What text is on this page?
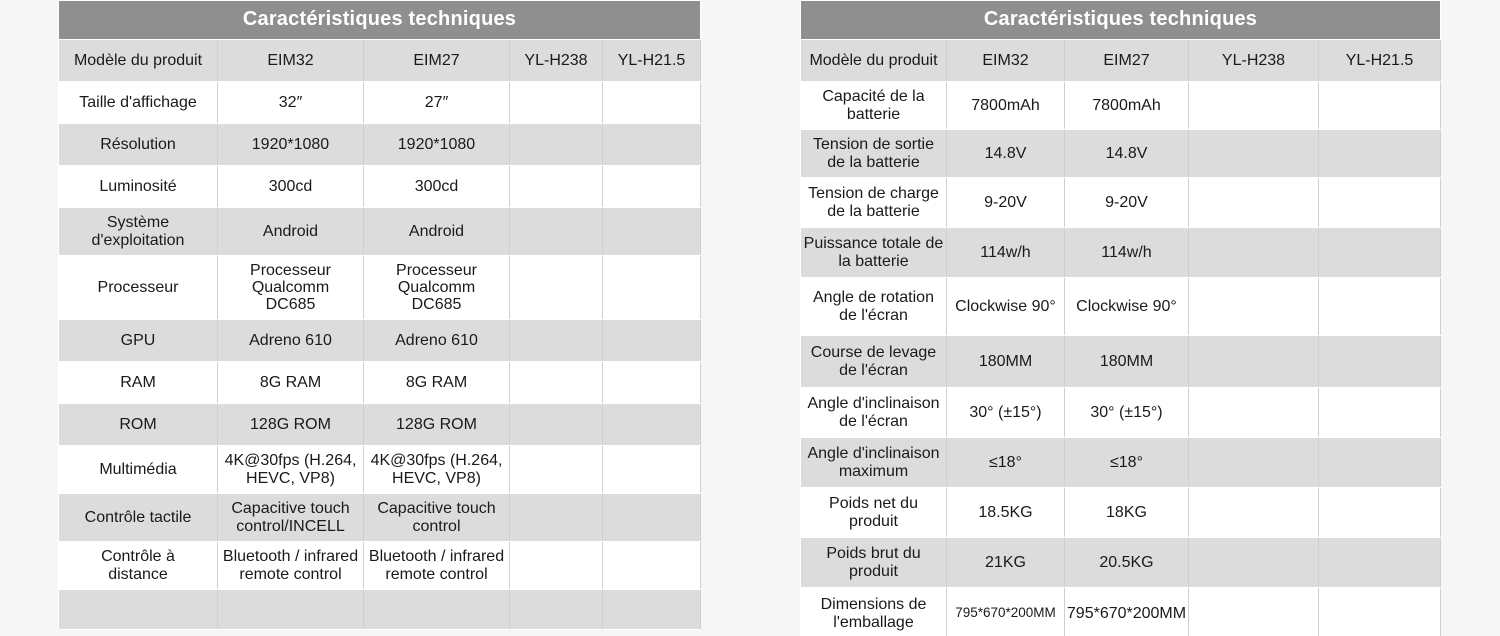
Caractéristiques techniques				
Modèle du produit	EIM32	EIM27	YL-H238	YL-H21.5
Taille d'affichage	32″	27″		
Résolution	1920*1080	1920*1080		
Luminosité	300cd	300cd		
Système d'exploitation	Android	Android		
Processeur	Processeur Qualcomm DC685	Processeur Qualcomm DC685		
GPU	Adreno 610	Adreno 610		
RAM	8G RAM	8G RAM		
ROM	128G ROM	128G ROM		
Multimédia	4K@30fps (H.264, HEVC, VP8)	4K@30fps (H.264, HEVC, VP8)		
Contrôle tactile	Capacitive touch control/INCELL	Capacitive touch control		
Contrôle à distance	Bluetooth / infrared remote control	Bluetooth / infrared remote control		

Caractéristiques techniques				
Modèle du produit	EIM32	EIM27	YL-H238	YL-H21.5
Capacité de la batterie	7800mAh	7800mAh		
Tension de sortie de la batterie	14.8V	14.8V		
Tension de charge de la batterie	9-20V	9-20V		
Puissance totale de la batterie	114w/h	114w/h		
Angle de rotation de l'écran	Clockwise 90°	Clockwise 90°		
Course de levage de l'écran	180MM	180MM		
Angle d'inclinaison de l'écran	30° (±15°)	30° (±15°)		
Angle d'inclinaison maximum	≤18°	≤18°		
Poids net du produit	18.5KG	18KG		
Poids brut du produit	21KG	20.5KG		
Dimensions de l'emballage	795*670*200MM	795*670*200MM		
